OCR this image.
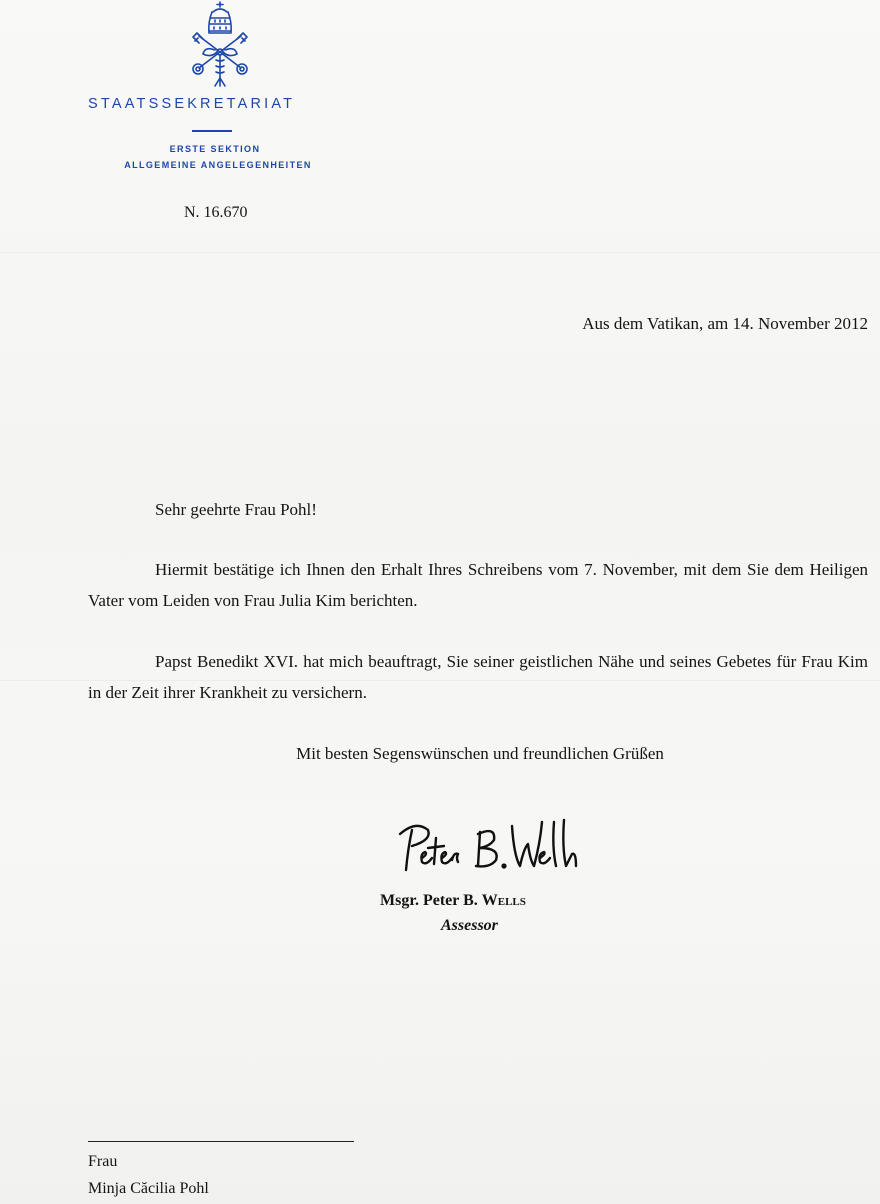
STAATSSEKRETARIAT
ERSTE SEKTION
ALLGEMEINE ANGELEGENHEITEN
N. 16.670
Aus dem Vatikan, am 14. November 2012
Sehr geehrte Frau Pohl!
Hiermit bestätige ich Ihnen den Erhalt Ihres Schreibens vom 7. November, mit dem Sie dem Heiligen Vater vom Leiden von Frau Julia Kim berichten.
Papst Benedikt XVI. hat mich beauftragt, Sie seiner geistlichen Nähe und seines Gebetes für Frau Kim in der Zeit ihrer Krankheit zu versichern.
Mit besten Segenswünschen und freundlichen Grüßen
Msgr. Peter B. Wells
Assessor
Frau
Minja Căcilia Pohl
